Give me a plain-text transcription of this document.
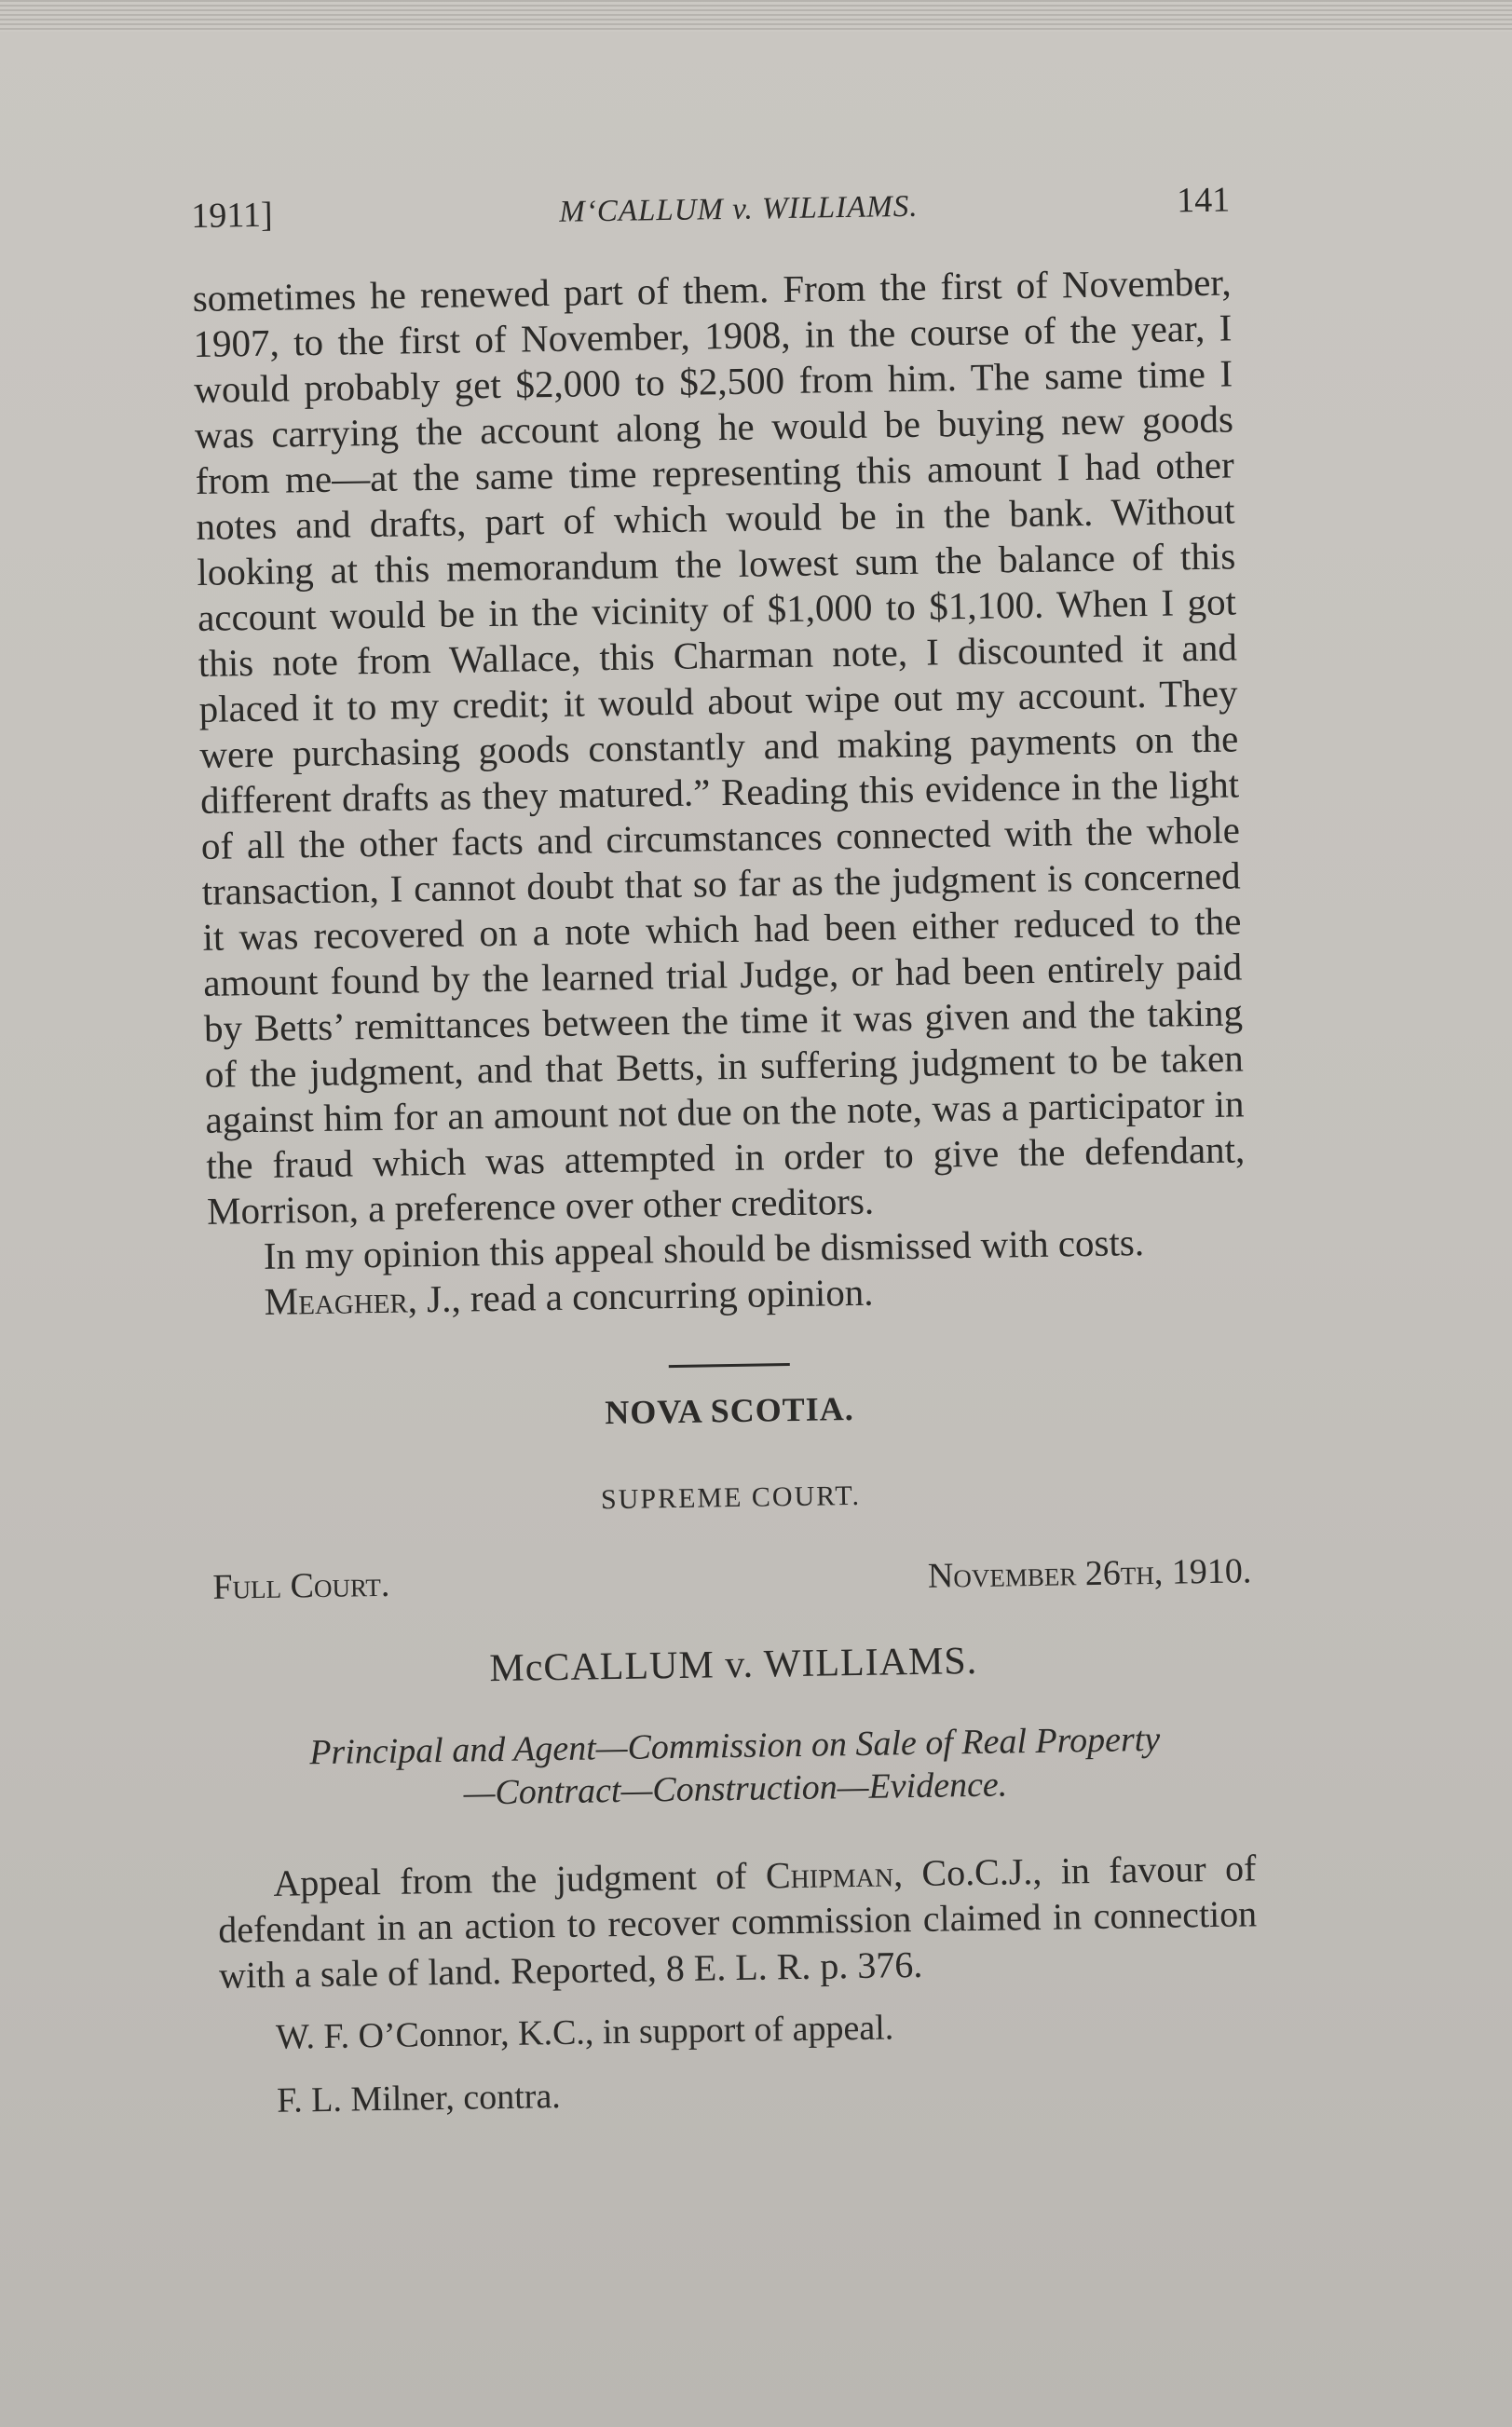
1911]	M‘CALLUM v. WILLIAMS.	141

sometimes he renewed part of them. From the first of November, 1907, to the first of November, 1908, in the course of the year, I would probably get $2,000 to $2,500 from him. The same time I was carrying the account along he would be buying new goods from me—at the same time representing this amount I had other notes and drafts, part of which would be in the bank. Without looking at this memorandum the lowest sum the balance of this account would be in the vicinity of $1,000 to $1,100. When I got this note from Wallace, this Charman note, I discounted it and placed it to my credit; it would about wipe out my account. They were purchasing goods constantly and making payments on the different drafts as they matured.” Reading this evidence in the light of all the other facts and circumstances connected with the whole transaction, I cannot doubt that so far as the judgment is concerned it was recovered on a note which had been either reduced to the amount found by the learned trial Judge, or had been entirely paid by Betts’ remittances between the time it was given and the taking of the judgment, and that Betts, in suffering judgment to be taken against him for an amount not due on the note, was a participator in the fraud which was attempted in order to give the defendant, Morrison, a preference over other creditors.

In my opinion this appeal should be dismissed with costs.

Meagher, J., read a concurring opinion.

NOVA SCOTIA.
SUPREME COURT.
Full Court.	November 26th, 1910.
McCALLUM v. WILLIAMS.
Principal and Agent—Commission on Sale of Real Property
—Contract—Construction—Evidence.

Appeal from the judgment of Chipman, Co.C.J., in favour of defendant in an action to recover commission claimed in connection with a sale of land. Reported, 8 E. L. R. p. 376.

W. F. O’Connor, K.C., in support of appeal.

F. L. Milner, contra.
